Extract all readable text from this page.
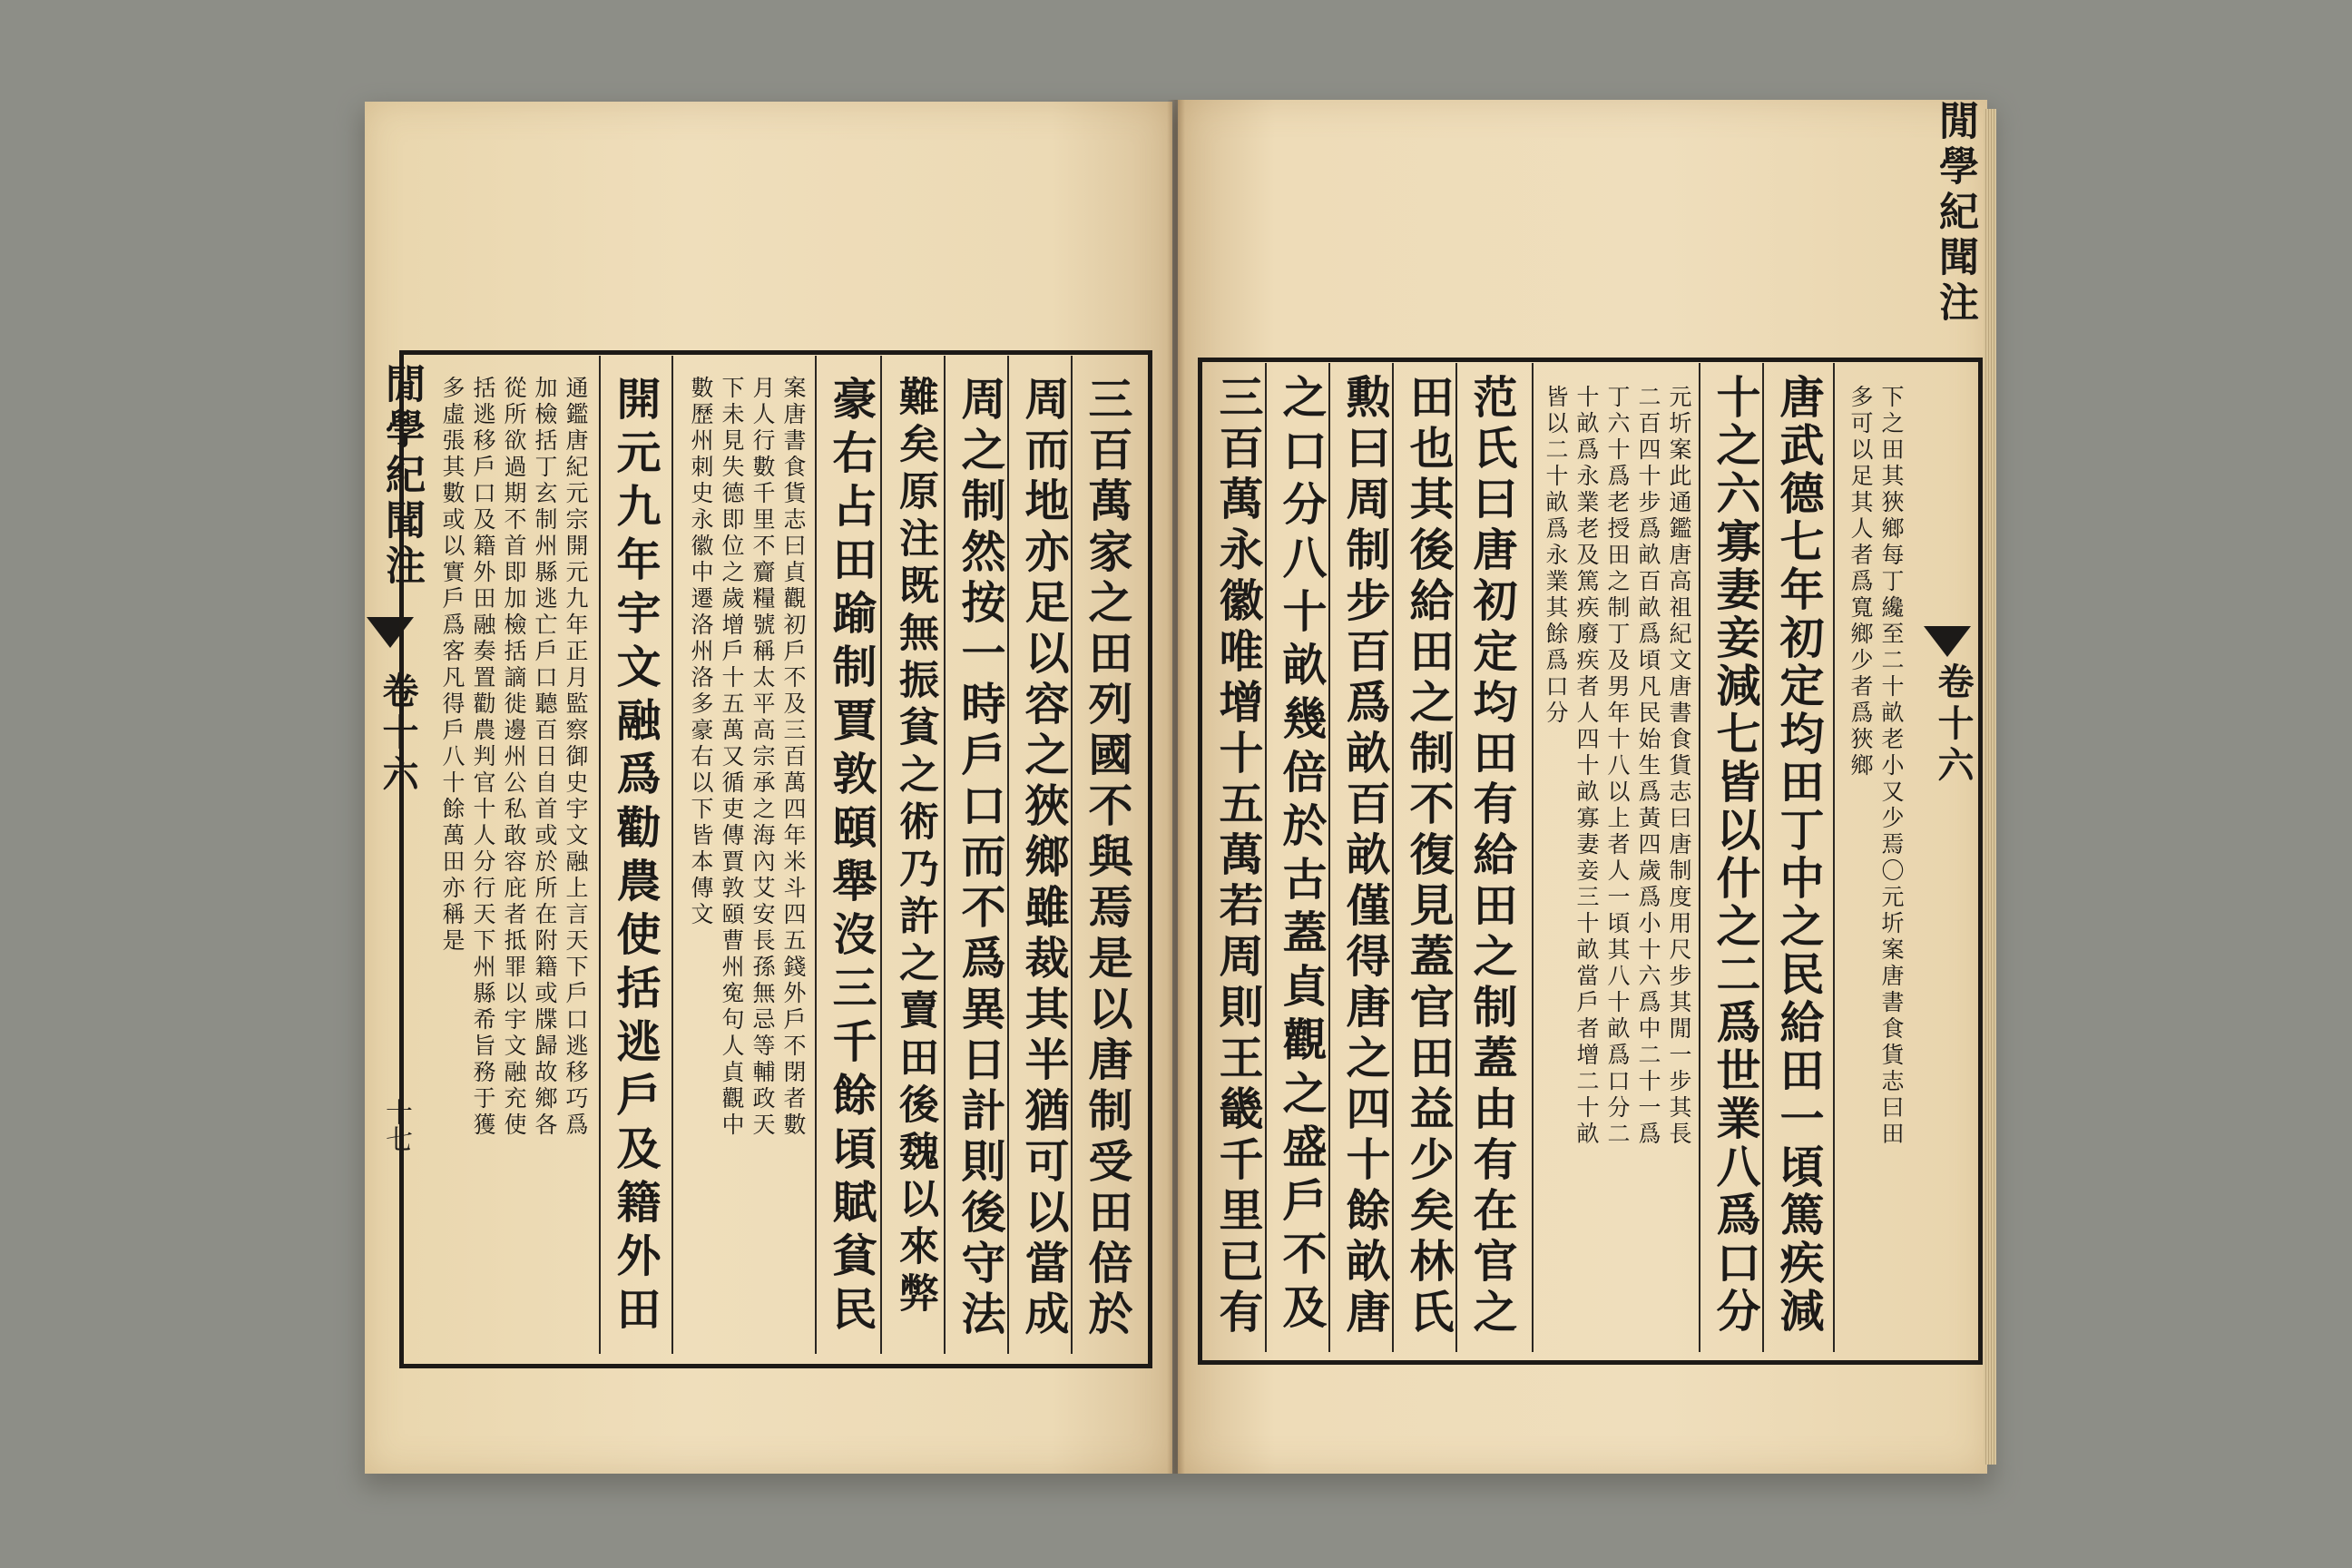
閒學紀聞注
卷十六
十七	三百萬家之田列國不與焉是以唐制受田倍於
周而地亦足以容之狹鄉雖裁其半猶可以當成
周之制然按一時戶口而不爲異日計則後守法
難矣原注既無振貧之術乃許之賣田後魏以來弊
豪右占田踰制賈敦頤舉沒三千餘頃賦貧民
案唐書食貨志曰貞觀初戶不及三百萬四年米斗四五錢外戶不閉者數
月人行數千里不齎糧號稱太平高宗承之海內艾安長孫無忌等輔政天
下未見失德即位之歲增戶十五萬又循吏傳賈敦頤曹州寃句人貞觀中
數歷州刺史永徽中遷洛州洛多豪右以下皆本傳文
開元九年宇文融爲勸農使括逃戶及籍外田
通鑑唐紀元宗開元九年正月監察御史宇文融上言天下戶口逃移巧爲
加檢括丁玄制州縣逃亡戶口聽百日自首或於所在附籍或牒歸故鄉各
從所欲過期不首即加檢括謫徙邊州公私敢容庇者抵罪以宇文融充使
括逃移戶口及籍外田融奏置勸農判官十人分行天下州縣希旨務于獲
多虛張其數或以實戶爲客凡得戶八十餘萬田亦稱是
閒學紀聞注
卷十六
下之田其狹鄉每丁纔至二十畝老小又少焉〇元圻案唐書食貨志曰田
多可以足其人者爲寬鄉少者爲狹鄉
唐武德七年初定均田丁中之民給田一頃篤疾減
十之六寡妻妾減七皆以什之二爲世業八爲口分
元圻案此通鑑唐高祖紀文唐書食貨志曰唐制度用尺步其閒一步其長
二百四十步爲畝百畝爲頃凡民始生爲黃四歲爲小十六爲中二十一爲
丁六十爲老授田之制丁及男年十八以上者人一頃其八十畝爲口分二
十畝爲永業老及篤疾廢疾者人四十畝寡妻妾三十畝當戶者增二十畝
皆以二十畝爲永業其餘爲口分
范氏曰唐初定均田有給田之制蓋由有在官之
田也其後給田之制不復見蓋官田益少矣林氏
勲曰周制步百爲畝百畝僅得唐之四十餘畝唐
之口分八十畝幾倍於古蓋貞觀之盛戶不及
三百萬永徽唯增十五萬若周則王畿千里已有
